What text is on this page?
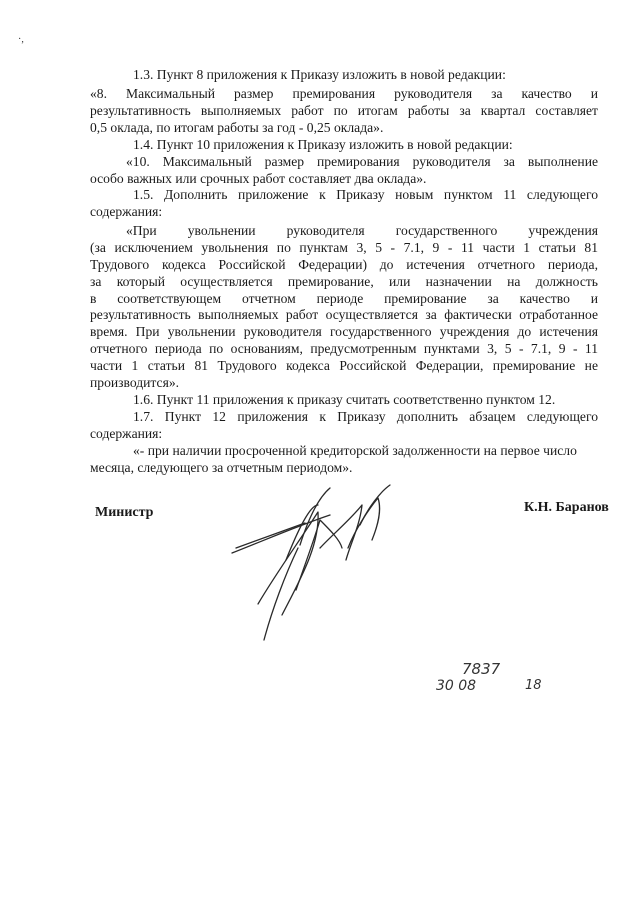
·,
1.3. Пункт 8 приложения к Приказу изложить в новой редакции:
«8. Максимальный размер премирования руководителя за качество и
результативность выполняемых работ по итогам работы за квартал составляет
0,5 оклада, по итогам работы за год - 0,25 оклада».
1.4. Пункт 10 приложения к Приказу изложить в новой редакции:
«10. Максимальный размер премирования руководителя за выполнение
особо важных или срочных работ составляет два оклада».
1.5. Дополнить приложение к Приказу новым пунктом 11 следующего
содержания:
«При увольнении руководителя государственного учреждения
(за исключением увольнения по пунктам 3, 5 - 7.1, 9 - 11 части 1 статьи 81
Трудового кодекса Российской Федерации) до истечения отчетного периода,
за который осуществляется премирование, или назначении на должность
в соответствующем отчетном периоде премирование за качество и
результативность выполняемых работ осуществляется за фактически отработанное
время. При увольнении руководителя государственного учреждения до истечения
отчетного периода по основаниям, предусмотренным пунктами 3, 5 - 7.1, 9 - 11
части 1 статьи 81 Трудового кодекса Российской Федерации, премирование не
производится».
1.6. Пункт 11 приложения к приказу считать соответственно пунктом 12.
1.7. Пункт 12 приложения к Приказу дополнить абзацем следующего
содержания:
«- при наличии просроченной кредиторской задолженности на первое число
месяца, следующего за отчетным периодом».
Министр	К.Н. Баранов
7837
30 08	18
